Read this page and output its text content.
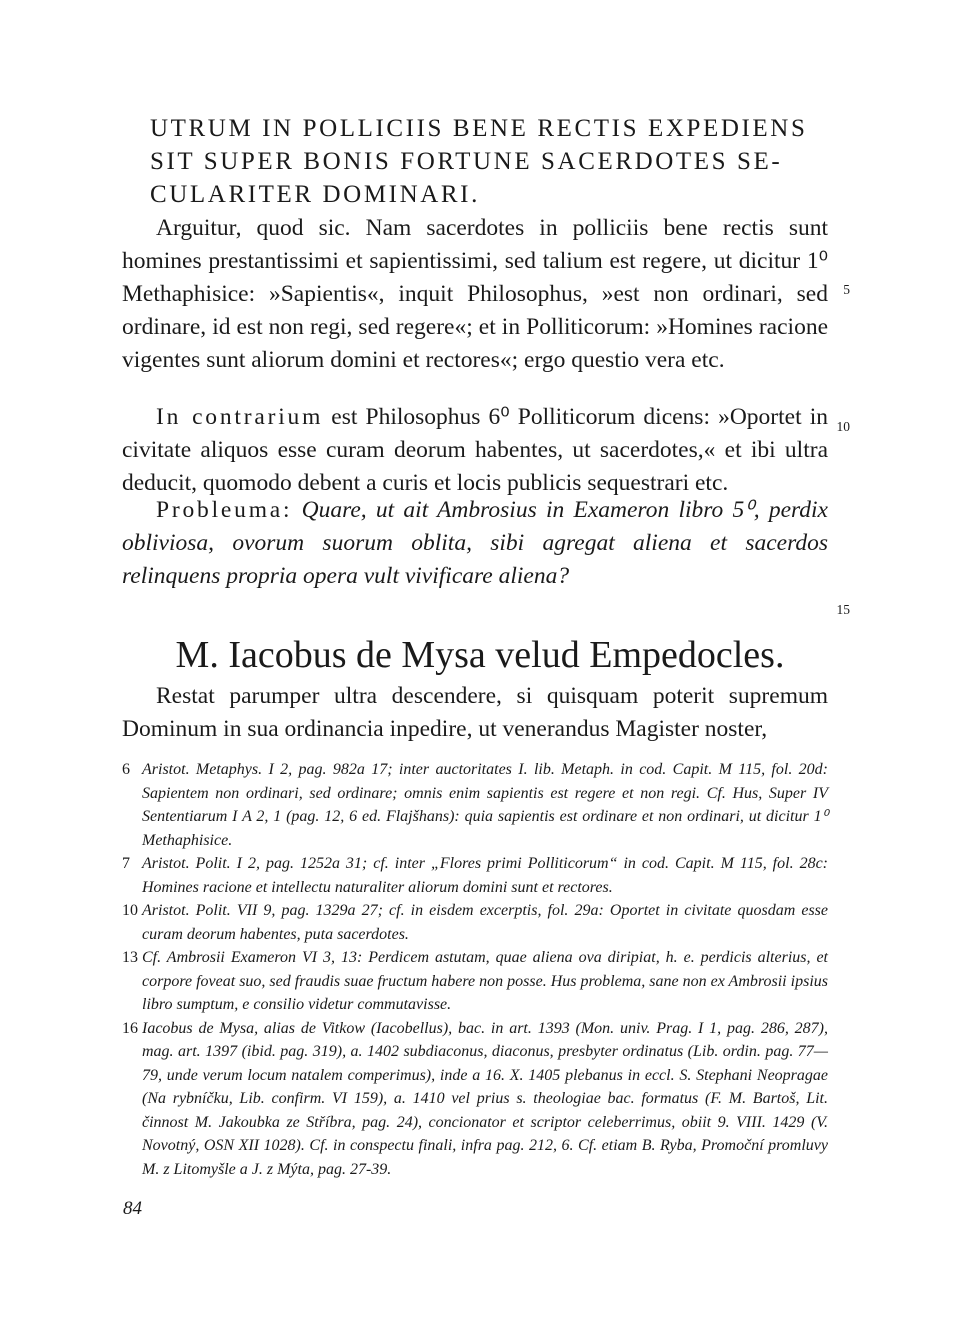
UTRUM IN POLLICIIS BENE RECTIS EXPEDIENS SIT SUPER BONIS FORTUNE SACERDOTES SE-CULARITER DOMINARI.

Arguitur, quod sic. Nam sacerdotes in polliciis bene rectis sunt homines prestantissimi et sapientissimi, sed talium est regere, ut dicitur 1⁰ Methaphisice: »Sapientis«, inquit Philosophus, »est non ordinari, sed ordinare, id est non regi, sed regere«; et in Polliticorum: »Homines racione vigentes sunt aliorum domini et rectores«; ergo questio vera etc.

In contrarium est Philosophus 6⁰ Polliticorum dicens: »Oportet in civitate aliquos esse curam deorum habentes, ut sacerdotes,« et ibi ultra deducit, quomodo debent a curis et locis publicis sequestrari etc.

Probleuma: Quare, ut ait Ambrosius in Exameron libro 5⁰, perdix obliviosa, ovorum suorum oblita, sibi agregat aliena et sacerdos relinquens propria opera vult vivificare aliena?

5
10
15
M. Iacobus de Mysa velud Empedocles.

Restat parumper ultra descendere, si quisquam poterit supremum Dominum in sua ordinancia inpedire, ut venerandus Magister noster,

6 Aristot. Metaphys. I 2, pag. 982a 17; inter auctoritates I. lib. Metaph. in cod. Capit. M 115, fol. 20d: Sapientem non ordinari, sed ordinare; omnis enim sapientis est regere et non regi. Cf. Hus, Super IV Sententiarum I A 2, 1 (pag. 12, 6 ed. Flajšhans): quia sapientis est ordinare et non ordinari, ut dicitur 1⁰ Methaphisice.
7 Aristot. Polit. I 2, pag. 1252a 31; cf. inter „Flores primi Polliticorum“ in cod. Capit. M 115, fol. 28c: Homines racione et intellectu naturaliter aliorum domini sunt et rectores.
10 Aristot. Polit. VII 9, pag. 1329a 27; cf. in eisdem excerptis, fol. 29a: Oportet in civitate quosdam esse curam deorum habentes, puta sacerdotes.
13 Cf. Ambrosii Exameron VI 3, 13: Perdicem astutam, quae aliena ova diripiat, h. e. perdicis alterius, et corpore foveat suo, sed fraudis suae fructum habere non posse. Hus problema, sane non ex Ambrosii ipsius libro sumptum, e consilio videtur commutavisse.
16 Iacobus de Mysa, alias de Vitkow (Iacobellus), bac. in art. 1393 (Mon. univ. Prag. I 1, pag. 286, 287), mag. art. 1397 (ibid. pag. 319), a. 1402 subdiaconus, diaconus, presbyter ordinatus (Lib. ordin. pag. 77—79, unde verum locum natalem comperimus), inde a 16. X. 1405 plebanus in eccl. S. Stephani Neopragae (Na rybníčku, Lib. confirm. VI 159), a. 1410 vel prius s. theologiae bac. formatus (F. M. Bartoš, Lit. činnost M. Jakoubka ze Stříbra, pag. 24), concionator et scriptor celeberrimus, obiit 9. VIII. 1429 (V. Novotný, OSN XII 1028). Cf. in conspectu finali, infra pag. 212, 6. Cf. etiam B. Ryba, Promoční promluvy M. z Litomyšle a J. z Mýta, pag. 27-39.
84
